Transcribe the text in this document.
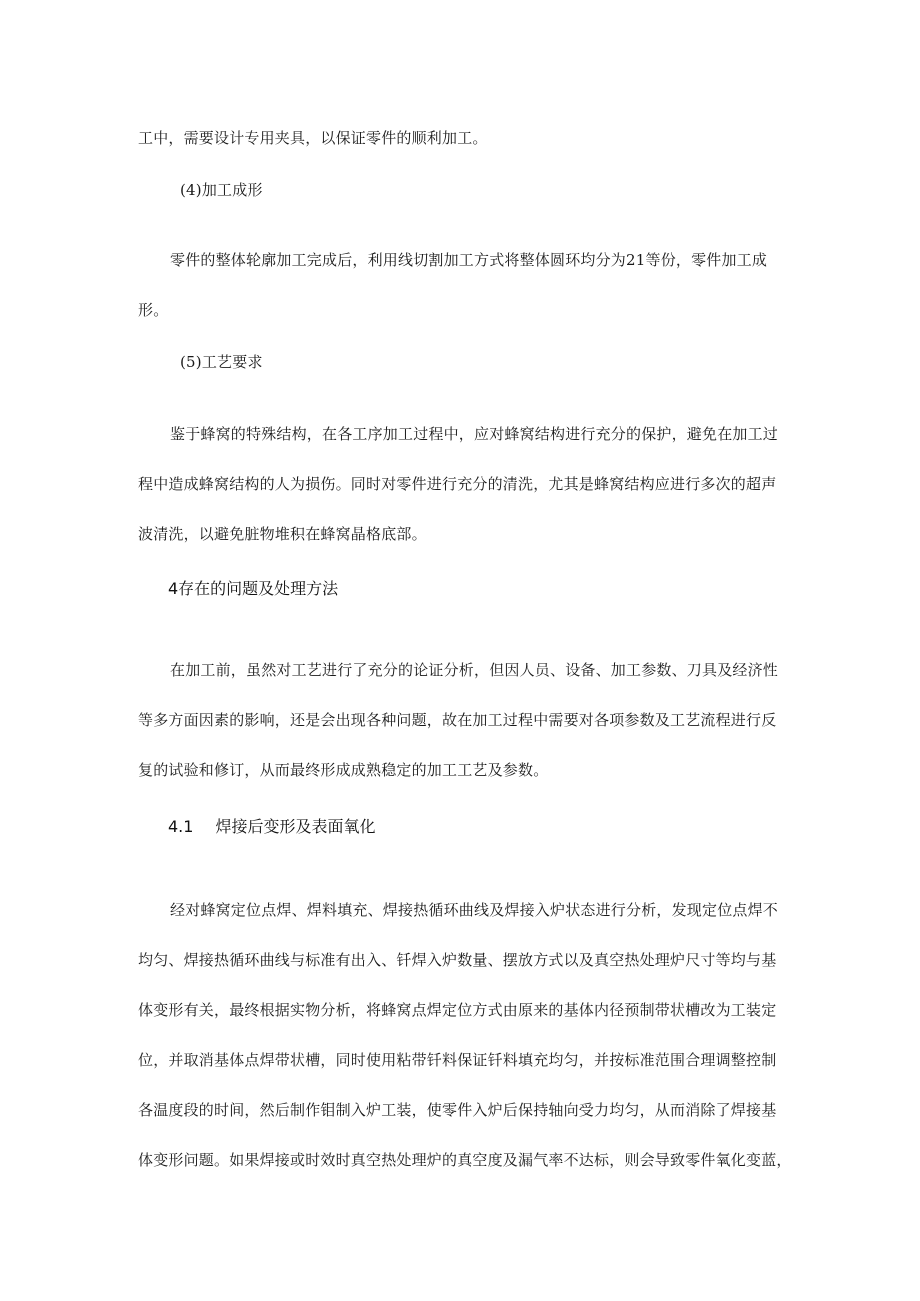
工中，需要设计专用夹具，以保证零件的顺利加工。
(4)加工成形
零件的整体轮廓加工完成后，利用线切割加工方式将整体圆环均分为21等份，零件加工成
形。
(5)工艺要求
鉴于蜂窝的特殊结构，在各工序加工过程中，应对蜂窝结构进行充分的保护，避免在加工过
程中造成蜂窝结构的人为损伤。同时对零件进行充分的清洗，尤其是蜂窝结构应进行多次的超声
波清洗，以避免脏物堆积在蜂窝晶格底部。
4存在的问题及处理方法
在加工前，虽然对工艺进行了充分的论证分析，但因人员、设备、加工参数、刀具及经济性
等多方面因素的影响，还是会出现各种问题，故在加工过程中需要对各项参数及工艺流程进行反
复的试验和修订，从而最终形成成熟稳定的加工工艺及参数。
4.1 焊接后变形及表面氧化
经对蜂窝定位点焊、焊料填充、焊接热循环曲线及焊接入炉状态进行分析，发现定位点焊不
均匀、焊接热循环曲线与标准有出入、钎焊入炉数量、摆放方式以及真空热处理炉尺寸等均与基
体变形有关，最终根据实物分析，将蜂窝点焊定位方式由原来的基体内径预制带状槽改为工装定
位，并取消基体点焊带状槽，同时使用粘带钎料保证钎料填充均匀，并按标准范围合理调整控制
各温度段的时间，然后制作钼制入炉工装，使零件入炉后保持轴向受力均匀，从而消除了焊接基
体变形问题。如果焊接或时效时真空热处理炉的真空度及漏气率不达标，则会导致零件氧化变蓝，
